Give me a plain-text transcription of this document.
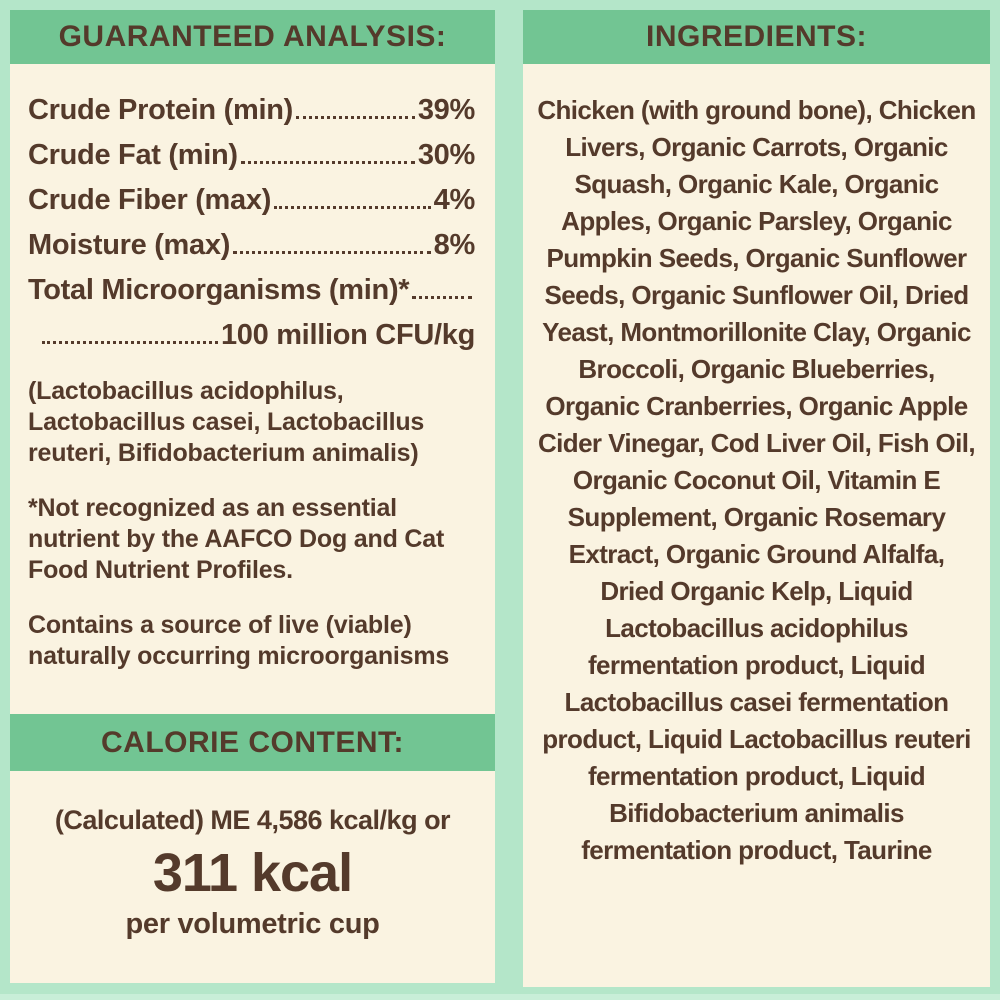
GUARANTEED ANALYSIS:
Crude Protein (min)	39%
Crude Fat (min)	30%
Crude Fiber (max)	4%
Moisture (max)	8%
Total Microorganisms (min)*
100 million CFU/kg

(Lactobacillus acidophilus, Lactobacillus casei, Lactobacillus reuteri, Bifidobacterium animalis)

*Not recognized as an essential nutrient by the AAFCO Dog and Cat Food Nutrient Profiles.

Contains a source of live (viable) naturally occurring microorganisms

CALORIE CONTENT:
(Calculated) ME 4,586 kcal/kg or
311 kcal
per volumetric cup
INGREDIENTS:
Chicken (with ground bone), Chicken Livers, Organic Carrots, Organic Squash, Organic Kale, Organic Apples, Organic Parsley, Organic Pumpkin Seeds, Organic Sunflower Seeds, Organic Sunflower Oil, Dried Yeast, Montmorillonite Clay, Organic Broccoli, Organic Blueberries, Organic Cranberries, Organic Apple Cider Vinegar, Cod Liver Oil, Fish Oil, Organic Coconut Oil, Vitamin E Supplement, Organic Rosemary Extract, Organic Ground Alfalfa, Dried Organic Kelp, Liquid Lactobacillus acidophilus fermentation product, Liquid Lactobacillus casei fermentation product, Liquid Lactobacillus reuteri fermentation product, Liquid Bifidobacterium animalis fermentation product, Taurine
